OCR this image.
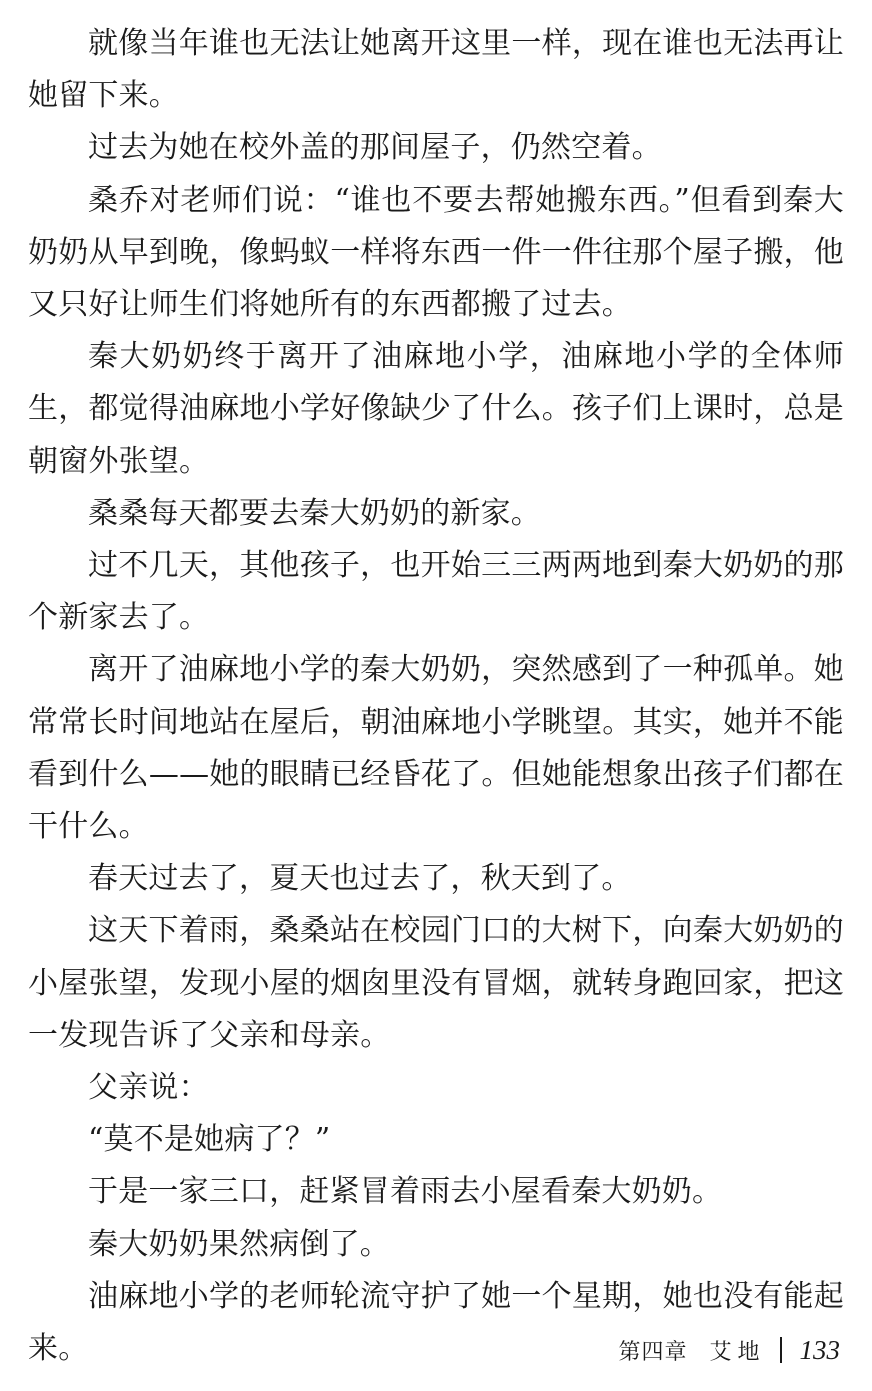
就像当年谁也无法让她离开这里一样，现在谁也无法再让她留下来。

过去为她在校外盖的那间屋子，仍然空着。

桑乔对老师们说：“谁也不要去帮她搬东西。”但看到秦大奶奶从早到晚，像蚂蚁一样将东西一件一件往那个屋子搬，他又只好让师生们将她所有的东西都搬了过去。

秦大奶奶终于离开了油麻地小学，油麻地小学的全体师生，都觉得油麻地小学好像缺少了什么。孩子们上课时，总是朝窗外张望。

桑桑每天都要去秦大奶奶的新家。

过不几天，其他孩子，也开始三三两两地到秦大奶奶的那个新家去了。

离开了油麻地小学的秦大奶奶，突然感到了一种孤单。她常常长时间地站在屋后，朝油麻地小学眺望。其实，她并不能看到什么——她的眼睛已经昏花了。但她能想象出孩子们都在干什么。

春天过去了，夏天也过去了，秋天到了。

这天下着雨，桑桑站在校园门口的大树下，向秦大奶奶的小屋张望，发现小屋的烟囱里没有冒烟，就转身跑回家，把这一发现告诉了父亲和母亲。

父亲说：

“莫不是她病了？”

于是一家三口，赶紧冒着雨去小屋看秦大奶奶。

秦大奶奶果然病倒了。

油麻地小学的老师轮流守护了她一个星期，她也没有能起来。	第四章 艾地 133
